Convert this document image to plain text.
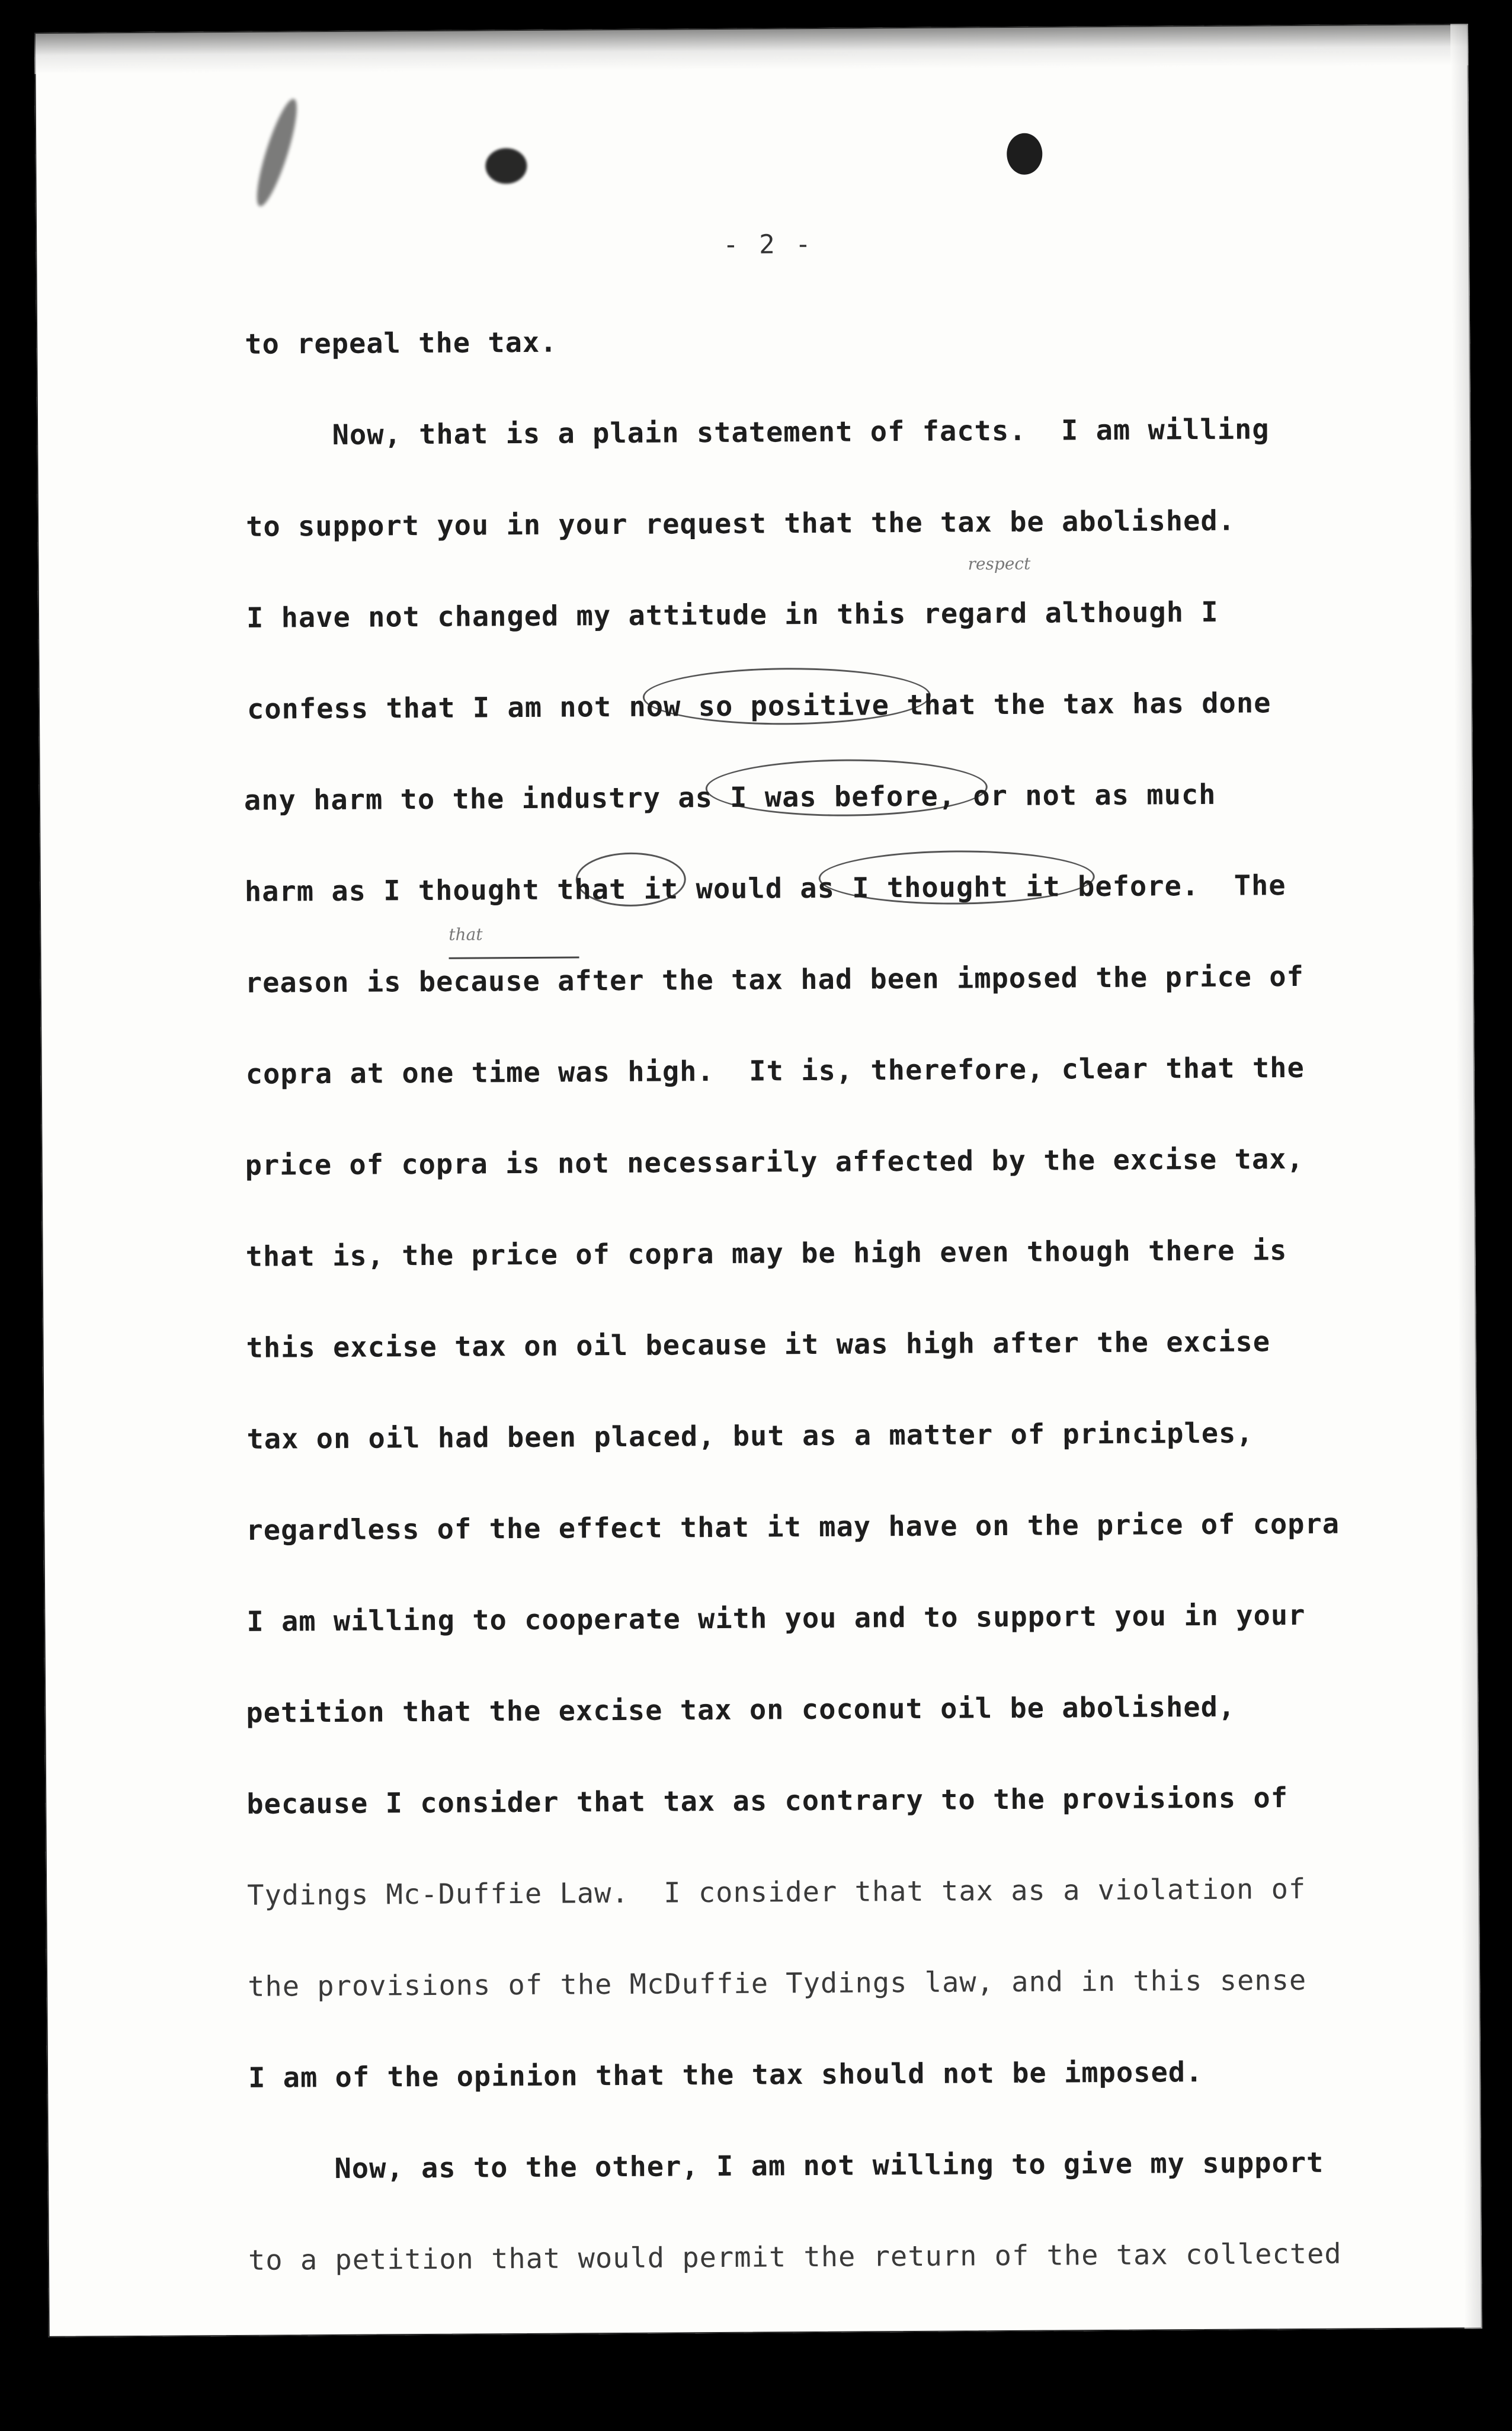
- 2 -
respect
that
to repeal the tax.
Now, that is a plain statement of facts.  I am willing
to support you in your request that the tax be abolished.
I have not changed my attitude in this regard although I
confess that I am not now so positive that the tax has done
any harm to the industry as I was before, or not as much
harm as I thought that it would as I thought it before.  The
reason is because after the tax had been imposed the price of
copra at one time was high.  It is, therefore, clear that the
price of copra is not necessarily affected by the excise tax,
that is, the price of copra may be high even though there is
this excise tax on oil because it was high after the excise
tax on oil had been placed, but as a matter of principles,
regardless of the effect that it may have on the price of copra
I am willing to cooperate with you and to support you in your
petition that the excise tax on coconut oil be abolished,
because I consider that tax as contrary to the provisions of
Tydings Mc-Duffie Law.  I consider that tax as a violation of
the provisions of the McDuffie Tydings law, and in this sense
I am of the opinion that the tax should not be imposed.
Now, as to the other, I am not willing to give my support
to a petition that would permit the return of the tax collected
